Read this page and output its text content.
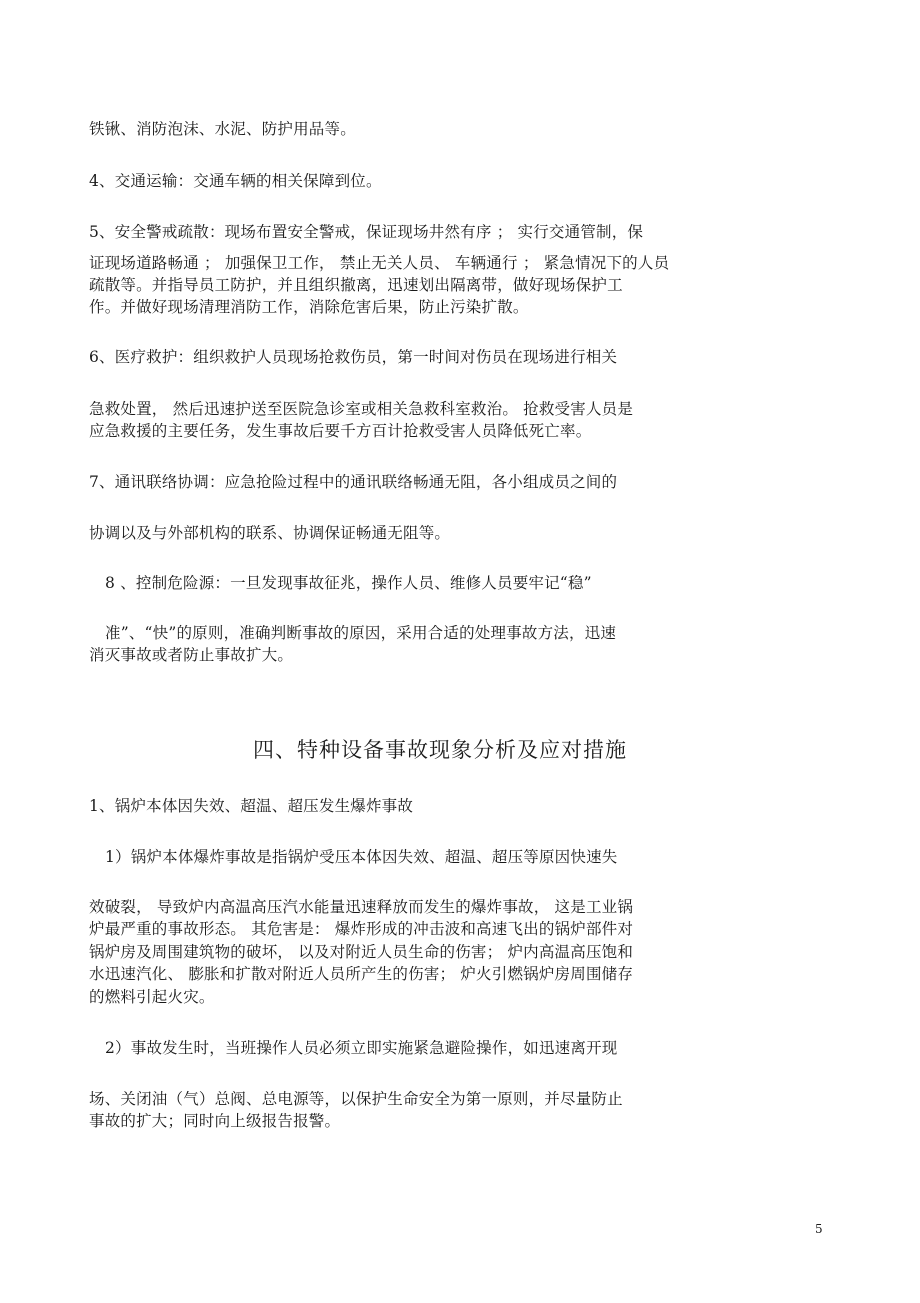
铁锹、消防泡沫、水泥、防护用品等。
4、交通运输：交通车辆的相关保障到位。
5、安全警戒疏散：现场布置安全警戒，保证现场井然有序 ； 实行交通管制，保
证现场道路畅通 ； 加强保卫工作， 禁止无关人员、 车辆通行 ； 紧急情况下的人员
疏散等。并指导员工防护，并且组织撤离，迅速划出隔离带，做好现场保护工
作。并做好现场清理消防工作，消除危害后果，防止污染扩散。
6、医疗救护：组织救护人员现场抢救伤员，第一时间对伤员在现场进行相关
急救处置， 然后迅速护送至医院急诊室或相关急救科室救治。 抢救受害人员是
应急救援的主要任务，发生事故后要千方百计抢救受害人员降低死亡率。
7、通讯联络协调：应急抢险过程中的通讯联络畅通无阻，各小组成员之间的
协调以及与外部机构的联系、协调保证畅通无阻等。
8 、控制危险源：一旦发现事故征兆，操作人员、维修人员要牢记“稳”
准”、“快”的原则，准确判断事故的原因，采用合适的处理事故方法，迅速
消灭事故或者防止事故扩大。
四、特种设备事故现象分析及应对措施
1、锅炉本体因失效、超温、超压发生爆炸事故
1）锅炉本体爆炸事故是指锅炉受压本体因失效、超温、超压等原因快速失
效破裂， 导致炉内高温高压汽水能量迅速释放而发生的爆炸事故， 这是工业锅
炉最严重的事故形态。 其危害是： 爆炸形成的冲击波和高速飞出的锅炉部件对
锅炉房及周围建筑物的破坏， 以及对附近人员生命的伤害； 炉内高温高压饱和
水迅速汽化、 膨胀和扩散对附近人员所产生的伤害； 炉火引燃锅炉房周围储存
的燃料引起火灾。
2）事故发生时，当班操作人员必须立即实施紧急避险操作，如迅速离开现
场、关闭油（气）总阀、总电源等，以保护生命安全为第一原则，并尽量防止
事故的扩大；同时向上级报告报警。
5
